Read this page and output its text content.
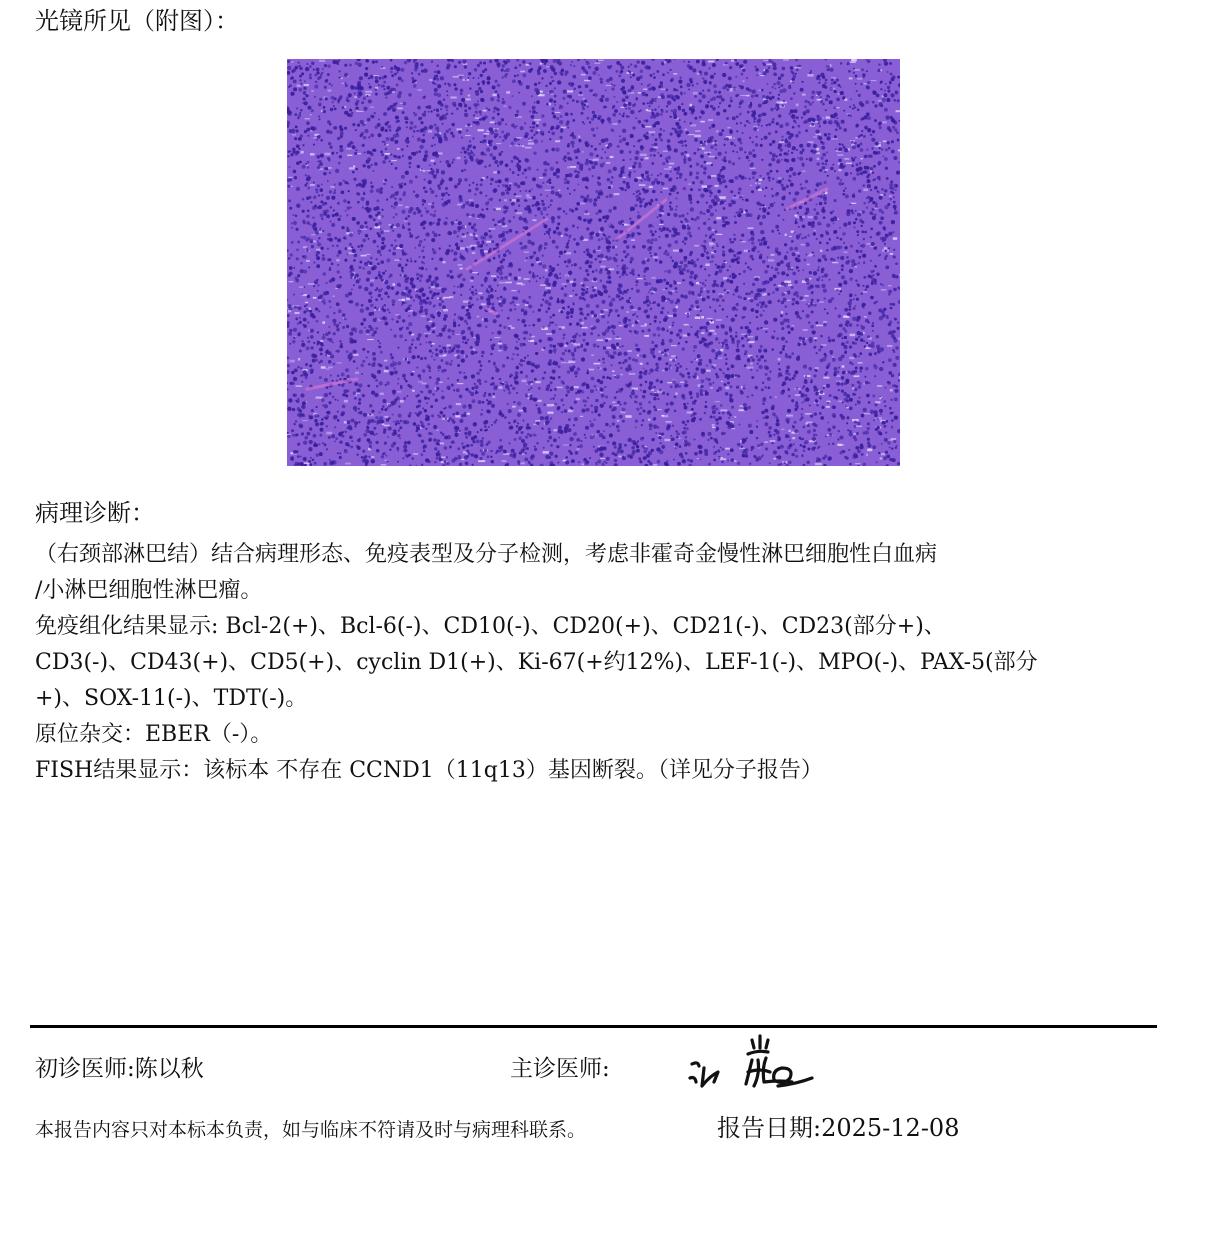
光镜所见（附图）：
病理诊断：
（右颈部淋巴结）结合病理形态、免疫表型及分子检测，考虑非霍奇金慢性淋巴细胞性白血病
/小淋巴细胞性淋巴瘤。
免疫组化结果显示: Bcl-2(+)、Bcl-6(-)、CD10(-)、CD20(+)、CD21(-)、CD23(部分+)、
CD3(-)、CD43(+)、CD5(+)、cyclin D1(+)、Ki-67(+约12%)、LEF-1(-)、MPO(-)、PAX-5(部分
+)、SOX-11(-)、TDT(-)。
原位杂交：EBER（-）。
FISH结果显示：该标本 不存在 CCND1（11q13）基因断裂。（详见分子报告）
初诊医师:陈以秋	主诊医师:
本报告内容只对本标本负责，如与临床不符请及时与病理科联系。	报告日期:2025-12-08
